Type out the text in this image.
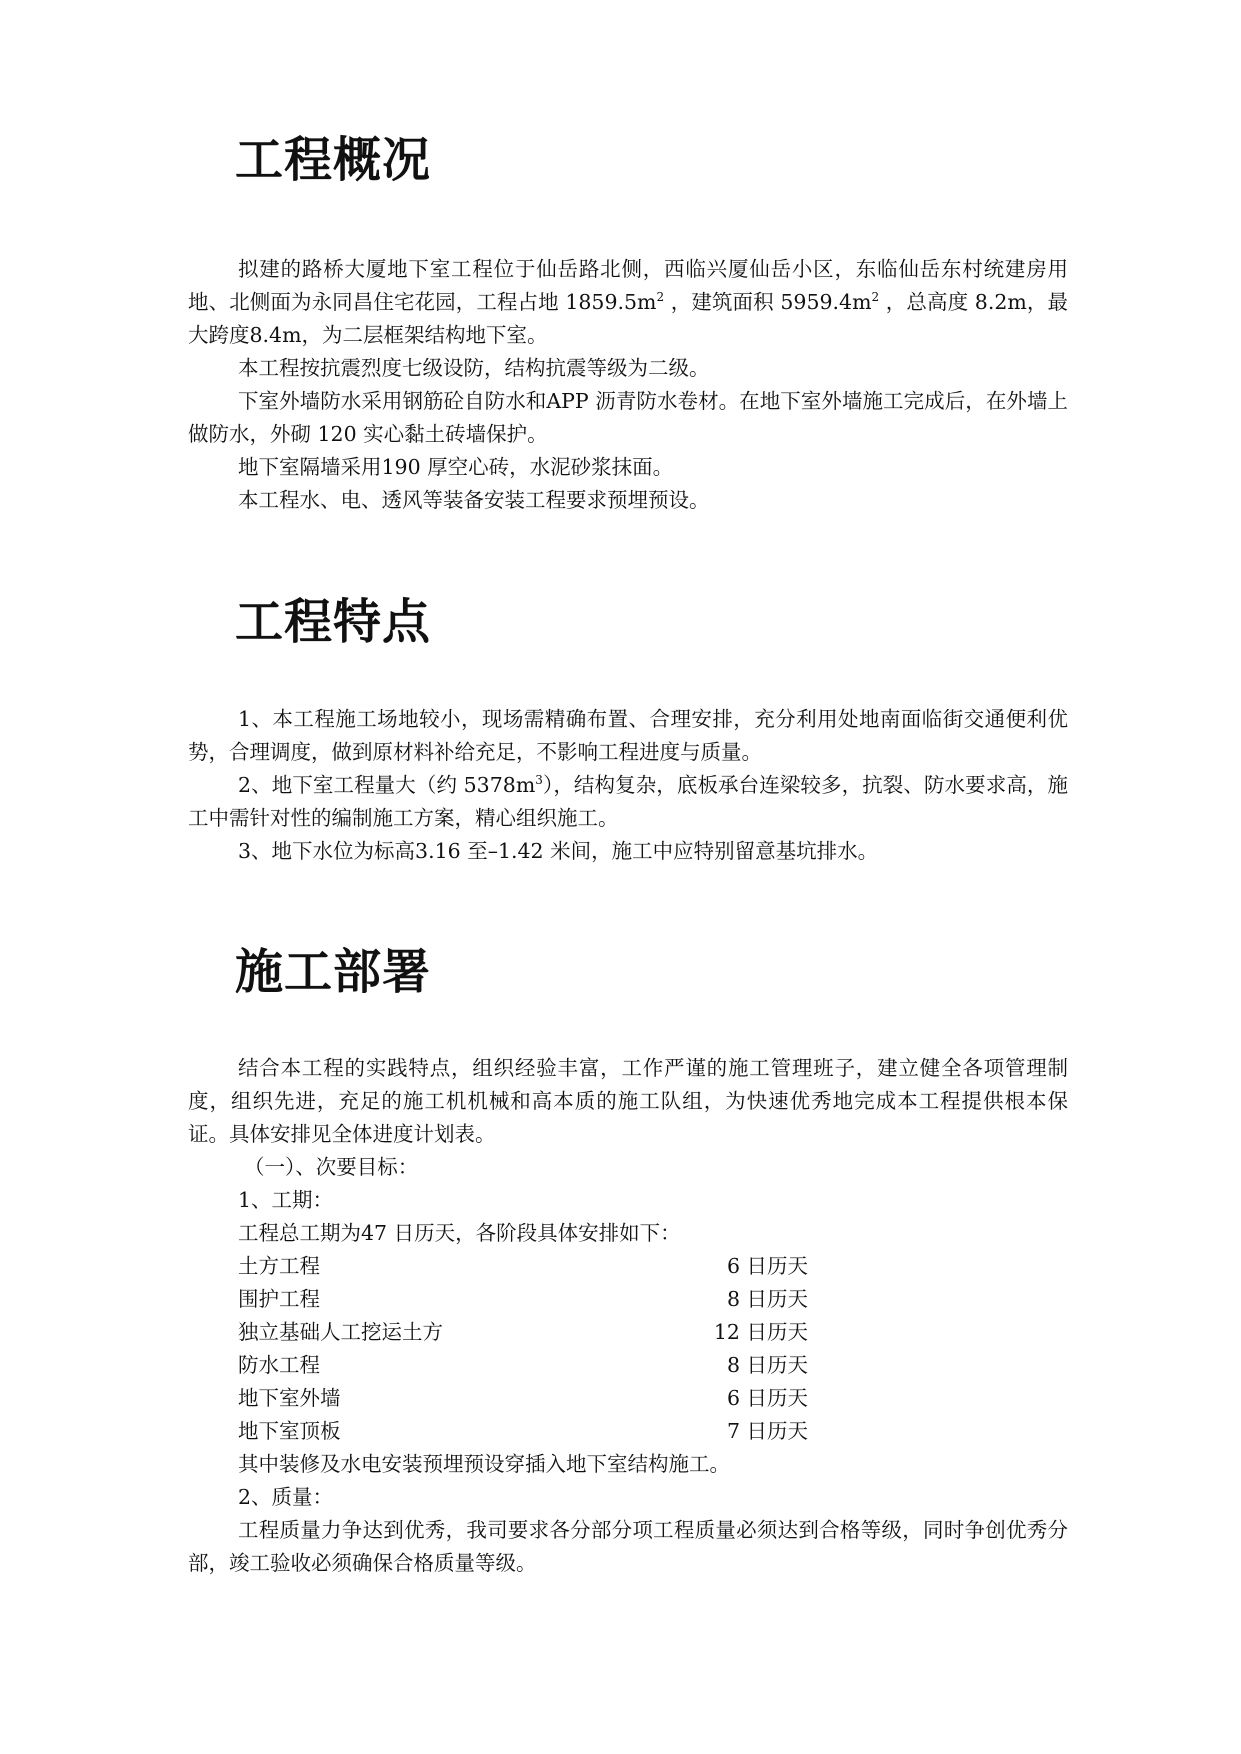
工程概况

拟建的路桥大厦地下室工程位于仙岳路北侧，西临兴厦仙岳小区，东临仙岳东村统建房用地、北侧面为永同昌住宅花园，工程占地 $1859.5m^2$ ，建筑面积 $5959.4m^2$ ，总高度 8.2m，最大跨度8.4m，为二层框架结构地下室。

本工程按抗震烈度七级设防，结构抗震等级为二级。

下室外墙防水采用钢筋砼自防水和APP 沥青防水卷材。在地下室外墙施工完成后，在外墙上做防水，外砌 120 实心黏土砖墙保护。

地下室隔墙采用190 厚空心砖，水泥砂浆抹面。

本工程水、电、透风等装备安装工程要求预埋预设。

工程特点

1、本工程施工场地较小，现场需精确布置、合理安排，充分利用处地南面临街交通便利优势，合理调度，做到原材料补给充足，不影响工程进度与质量。

2、地下室工程量大（约 $5378m^3$），结构复杂，底板承台连梁较多，抗裂、防水要求高，施工中需针对性的编制施工方案，精心组织施工。

3、地下水位为标高3.16 至–1.42 米间，施工中应特别留意基坑排水。

施工部署

结合本工程的实践特点，组织经验丰富，工作严谨的施工管理班子，建立健全各项管理制度，组织先进，充足的施工机机械和高本质的施工队组，为快速优秀地完成本工程提供根本保证。具体安排见全体进度计划表。

（一）、次要目标：

1、工期：

工程总工期为47 日历天，各阶段具体安排如下：

土方工程	6 日历天

围护工程	8 日历天

独立基础人工挖运土方	12 日历天

防水工程	8 日历天

地下室外墙	6 日历天

地下室顶板	7 日历天

其中装修及水电安装预埋预设穿插入地下室结构施工。

2、质量：

工程质量力争达到优秀，我司要求各分部分项工程质量必须达到合格等级，同时争创优秀分部，竣工验收必须确保合格质量等级。
